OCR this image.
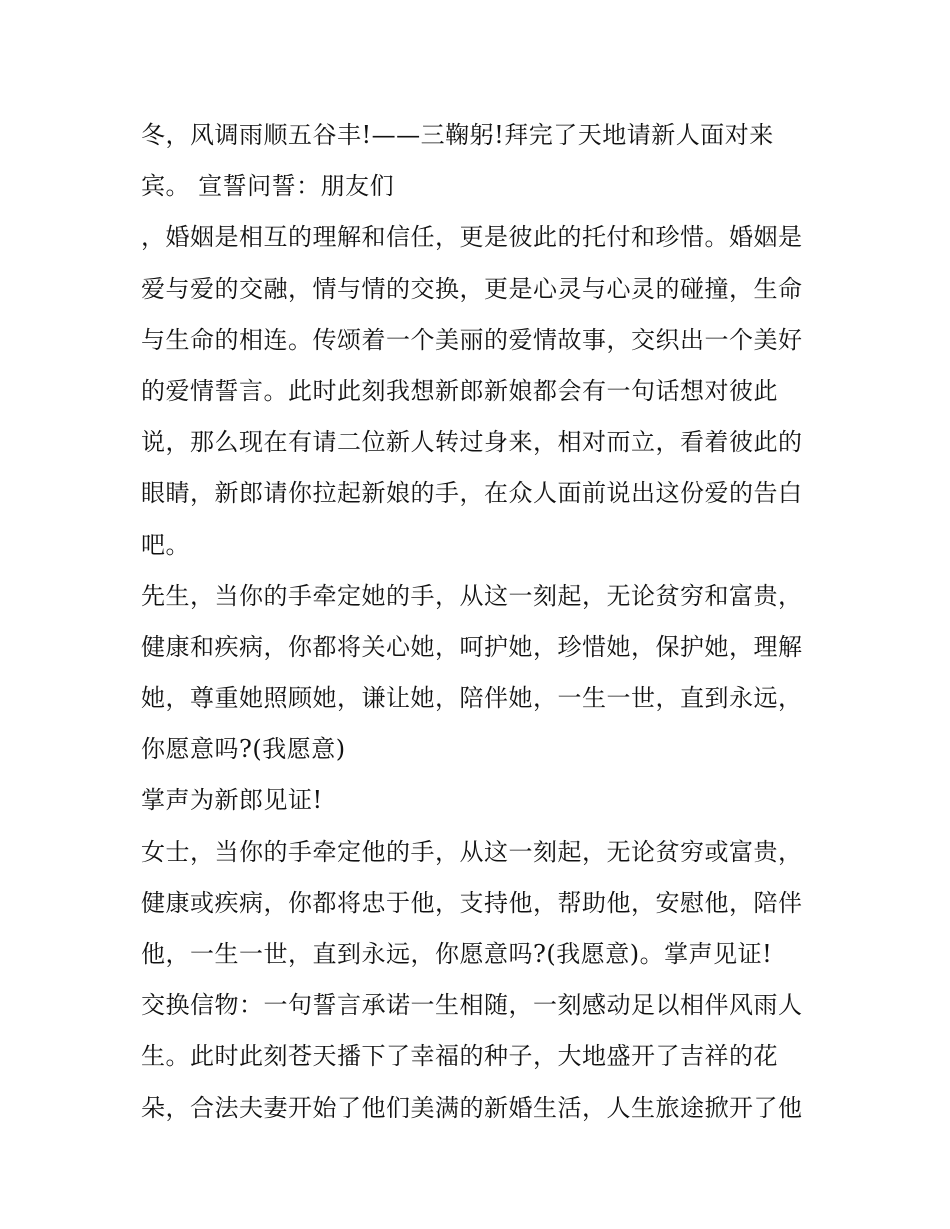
冬，风调雨顺五谷丰!——三鞠躬!拜完了天地请新人面对来
宾。 宣誓问誓：朋友们
，婚姻是相互的理解和信任，更是彼此的托付和珍惜。婚姻是
爱与爱的交融，情与情的交换，更是心灵与心灵的碰撞，生命
与生命的相连。传颂着一个美丽的爱情故事，交织出一个美好
的爱情誓言。此时此刻我想新郎新娘都会有一句话想对彼此
说，那么现在有请二位新人转过身来，相对而立，看着彼此的
眼睛，新郎请你拉起新娘的手，在众人面前说出这份爱的告白
吧。
先生，当你的手牵定她的手，从这一刻起，无论贫穷和富贵，
健康和疾病，你都将关心她，呵护她，珍惜她，保护她，理解
她，尊重她照顾她，谦让她，陪伴她，一生一世，直到永远，
你愿意吗?(我愿意)
掌声为新郎见证!
女士，当你的手牵定他的手，从这一刻起，无论贫穷或富贵，
健康或疾病，你都将忠于他，支持他，帮助他，安慰他，陪伴
他，一生一世，直到永远，你愿意吗?(我愿意)。掌声见证!
交换信物：一句誓言承诺一生相随，一刻感动足以相伴风雨人
生。此时此刻苍天播下了幸福的种子，大地盛开了吉祥的花
朵，合法夫妻开始了他们美满的新婚生活，人生旅途掀开了他
